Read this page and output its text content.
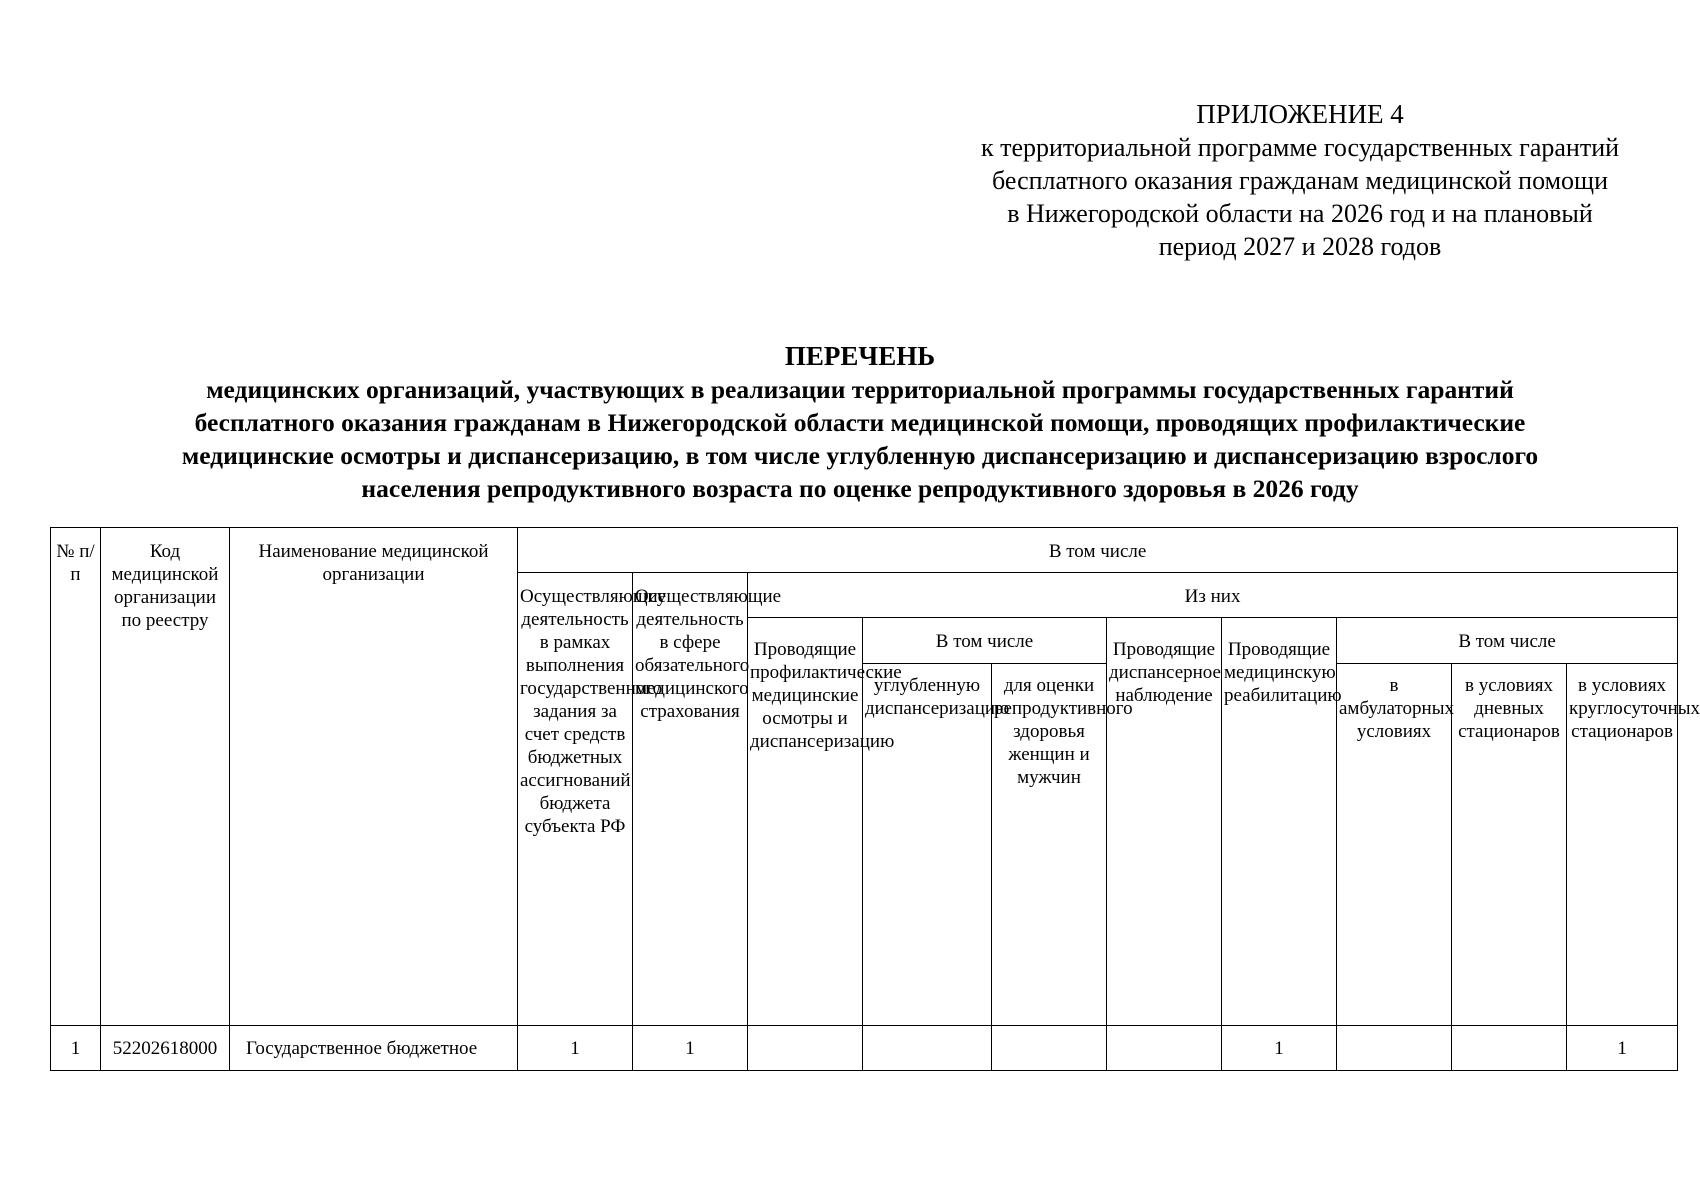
ПРИЛОЖЕНИЕ 4
к территориальной программе государственных гарантий
бесплатного оказания гражданам медицинской помощи
в Нижегородской области на 2026 год и на плановый
период 2027 и 2028 годов
ПЕРЕЧЕНЬ
медицинских организаций, участвующих в реализации территориальной программы государственных гарантий
бесплатного оказания гражданам в Нижегородской области медицинской помощи, проводящих профилактические
медицинские осмотры и диспансеризацию, в том числе углубленную диспансеризацию и диспансеризацию взрослого
населения репродуктивного возраста по оценке репродуктивного здоровья в 2026 году
№ п/п	Код медицинской организации по реестру	Наименование медицинской организации	В том числе									
			Осуществляющие деятельность в рамках выполнения государственного задания за счет средств бюджетных ассигнований бюджета субъекта РФ	Осуществляющие деятельность в сфере обязательного медицинского страхования	Из них							
					Проводящие профилактические медицинские осмотры и диспансеризацию	В том числе		Проводящие диспансерное наблюдение	Проводящие медицинскую реабилитацию	В том числе		
						углубленную диспансеризацию	для оценки репродуктивного здоровья женщин и мужчин			в амбулаторных условиях	в условиях дневных стационаров	в условиях круглосуточных стационаров
1	52202618000	Государственное бюджетное	1	1					1			1
